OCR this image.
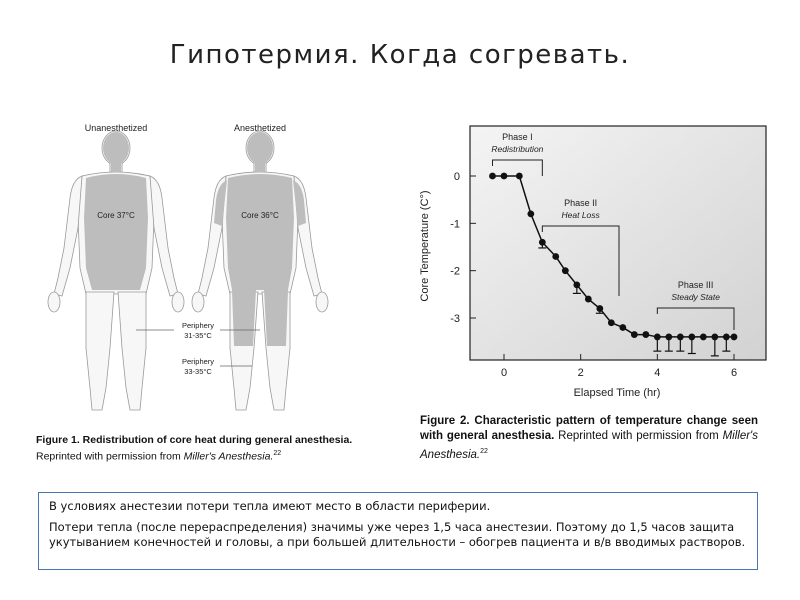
Гипотермия. Когда согревать.
Unanesthetized	Anesthetized
Core 37°C	Core 36°C
Periphery
31-35°C
Periphery
33-35°C
Figure 1. Redistribution of core heat during general anesthesia.
Reprinted with permission from Miller's Anesthesia.$^{22}$
0
-1
-2
-3
0	2	4	6
Phase I
Redistribution
Phase II
Heat Loss
Phase III
Steady State
Elapsed Time (hr)
Core Temperature (C°)
Figure 2. Characteristic pattern of temperature change seen with general anesthesia. Reprinted with permission from Miller's Anesthesia.$^{22}$

В условиях анестезии потери тепла имеют место в области периферии.

Потери тепла (после перераспределения) значимы уже через 1,5 часа анестезии. Поэтому до 1,5 часов защита укутыванием конечностей и головы, а при большей длительности – обогрев пациента и в/в вводимых растворов.
